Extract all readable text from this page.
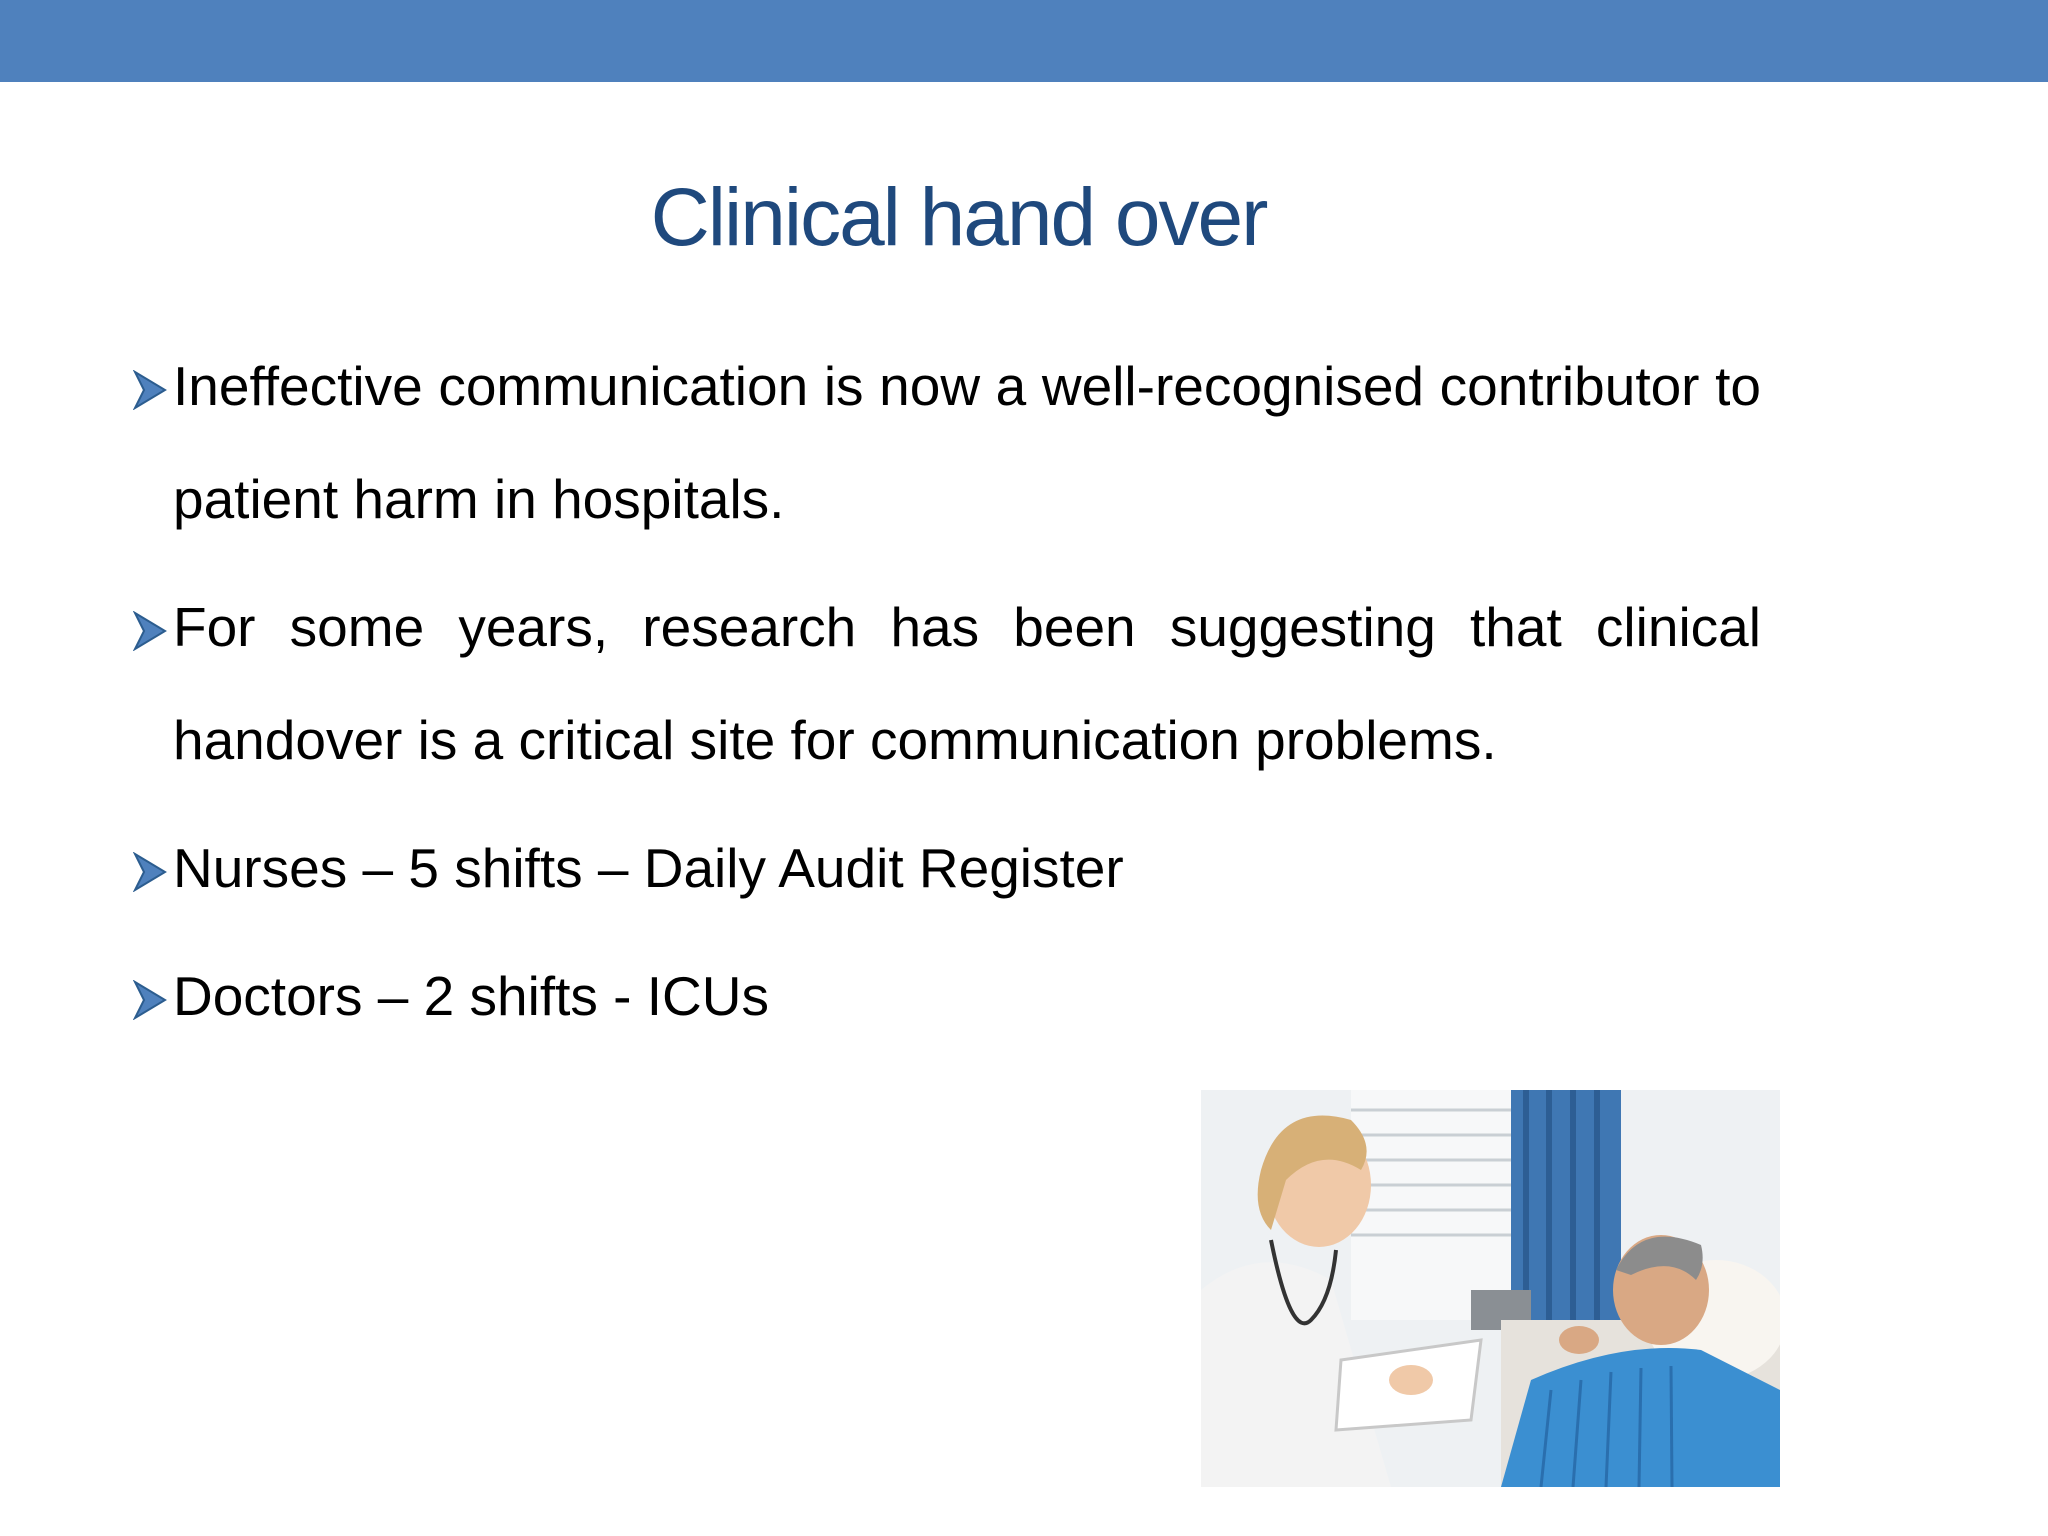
Clinical hand over
Ineffective communication is now a well-recognised contributor to patient harm in hospitals.
For some years, research has been suggesting that clinical handover is a critical site for communication problems.
Nurses – 5 shifts – Daily Audit Register
Doctors – 2 shifts - ICUs
